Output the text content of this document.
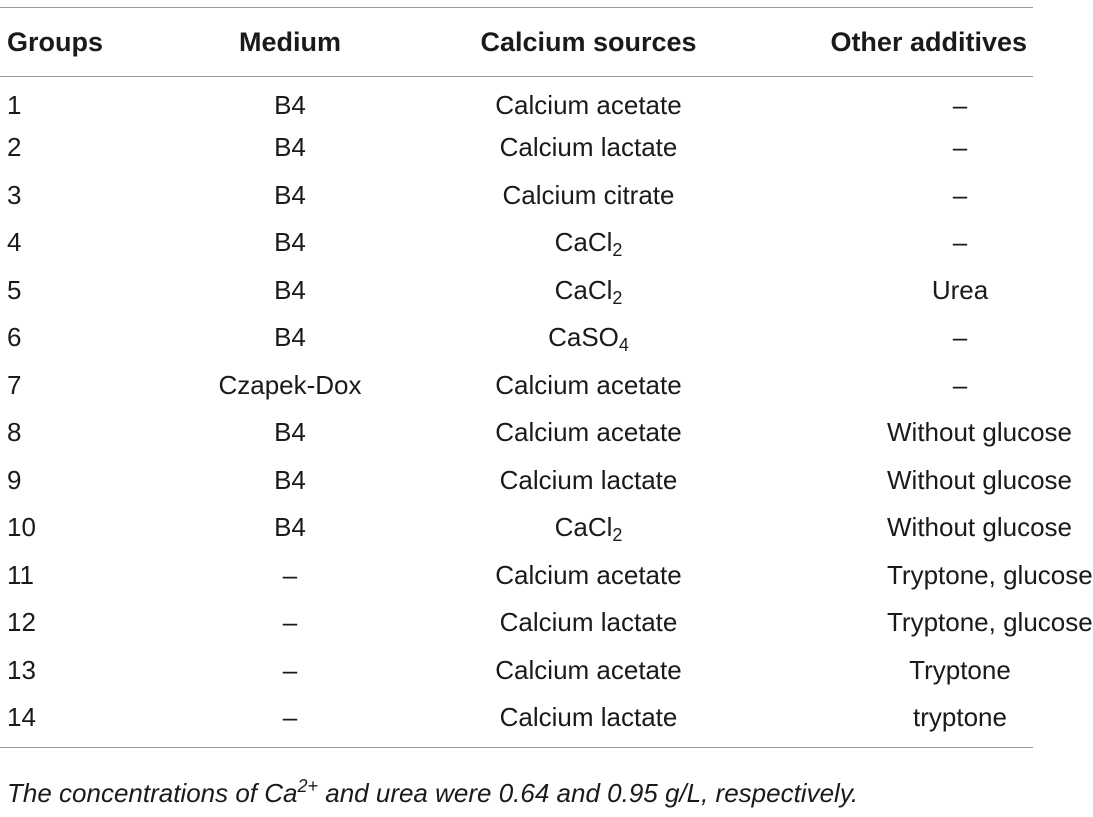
Groups	Medium	Calcium sources	Other additives
1	B4	Calcium acetate	–
2	B4	Calcium lactate	–
3	B4	Calcium citrate	–
4	B4	CaCl$_2$	–
5	B4	CaCl$_2$	Urea
6	B4	CaSO$_4$	–
7	Czapek-Dox	Calcium acetate	–
8	B4	Calcium acetate	Without glucose
9	B4	Calcium lactate	Without glucose
10	B4	CaCl$_2$	Without glucose
11	–	Calcium acetate	Tryptone, glucose
12	–	Calcium lactate	Tryptone, glucose
13	–	Calcium acetate	Tryptone
14	–	Calcium lactate	tryptone
The concentrations of $Ca^{2+}$ and urea were 0.64 and 0.95 g/L, respectively.
